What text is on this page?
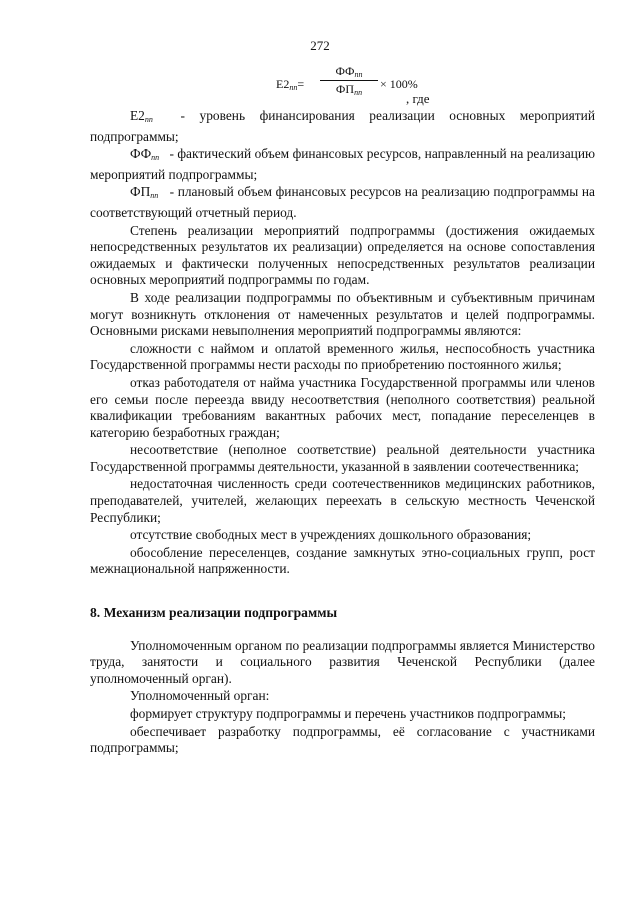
272
$Е2_{пп}=$
$ФФ_{пп}$
$ФП_{пп}$
× 100%
, где

$Е2_{пп}$ - уровень финансирования реализации основных мероприятий подпрограммы;

$ФФ_{пп}$ - фактический объем финансовых ресурсов, направленный на реализацию мероприятий подпрограммы;

$ФП_{пп}$ - плановый объем финансовых ресурсов на реализацию подпрограммы на соответствующий отчетный период.

Степень реализации мероприятий подпрограммы (достижения ожидаемых непосредственных результатов их реализации) определяется на основе сопоставления ожидаемых и фактически полученных непосредственных результатов реализации основных мероприятий подпрограммы по годам.

В ходе реализации подпрограммы по объективным и субъективным причинам могут возникнуть отклонения от намеченных результатов и целей подпрограммы. Основными рисками невыполнения мероприятий подпрограммы являются:

сложности с наймом и оплатой временного жилья, неспособность участника Государственной программы нести расходы по приобретению постоянного жилья;

отказ работодателя от найма участника Государственной программы или членов его семьи после переезда ввиду несоответствия (неполного соответствия) реальной квалификации требованиям вакантных рабочих мест, попадание переселенцев в категорию безработных граждан;

несоответствие (неполное соответствие) реальной деятельности участника Государственной программы деятельности, указанной в заявлении соотечественника;

недостаточная численность среди соотечественников медицинских работников, преподавателей, учителей, желающих переехать в сельскую местность Чеченской Республики;

отсутствие свободных мест в учреждениях дошкольного образования;

обособление переселенцев, создание замкнутых этно-социальных групп, рост межнациональной напряженности.

8. Механизм реализации подпрограммы

Уполномоченным органом по реализации подпрограммы является Министерство труда, занятости и социального развития Чеченской Республики (далее уполномоченный орган).

Уполномоченный орган:

формирует структуру подпрограммы и перечень участников подпрограммы;

обеспечивает разработку подпрограммы, её согласование с участниками подпрограммы;
